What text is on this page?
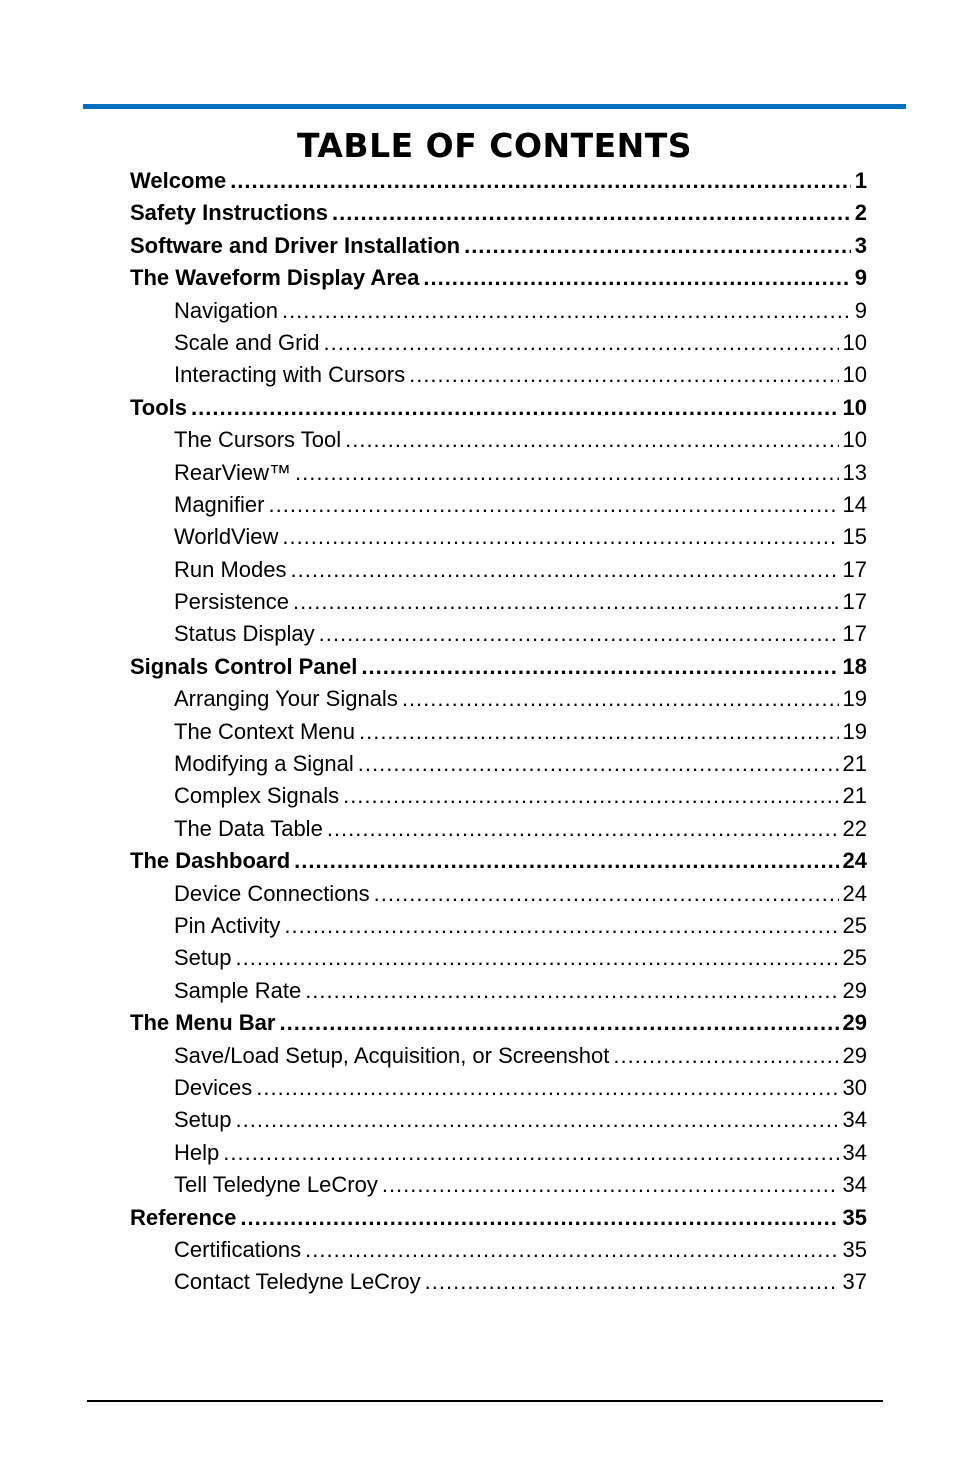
TABLE OF CONTENTS
Welcome .....	1
Safety Instructions .....	2
Software and Driver Installation .....	3
The Waveform Display Area .....	9
Navigation .....	9
Scale and Grid .....	10
Interacting with Cursors .....	10
Tools .....	10
The Cursors Tool .....	10
RearView™ .....	13
Magnifier .....	14
WorldView .....	15
Run Modes .....	17
Persistence .....	17
Status Display .....	17
Signals Control Panel .....	18
Arranging Your Signals .....	19
The Context Menu .....	19
Modifying a Signal .....	21
Complex Signals .....	21
The Data Table .....	22
The Dashboard .....	24
Device Connections .....	24
Pin Activity .....	25
Setup .....	25
Sample Rate .....	29
The Menu Bar .....	29
Save/Load Setup, Acquisition, or Screenshot .....	29
Devices .....	30
Setup .....	34
Help .....	34
Tell Teledyne LeCroy .....	34
Reference .....	35
Certifications .....	35
Contact Teledyne LeCroy .....	37
